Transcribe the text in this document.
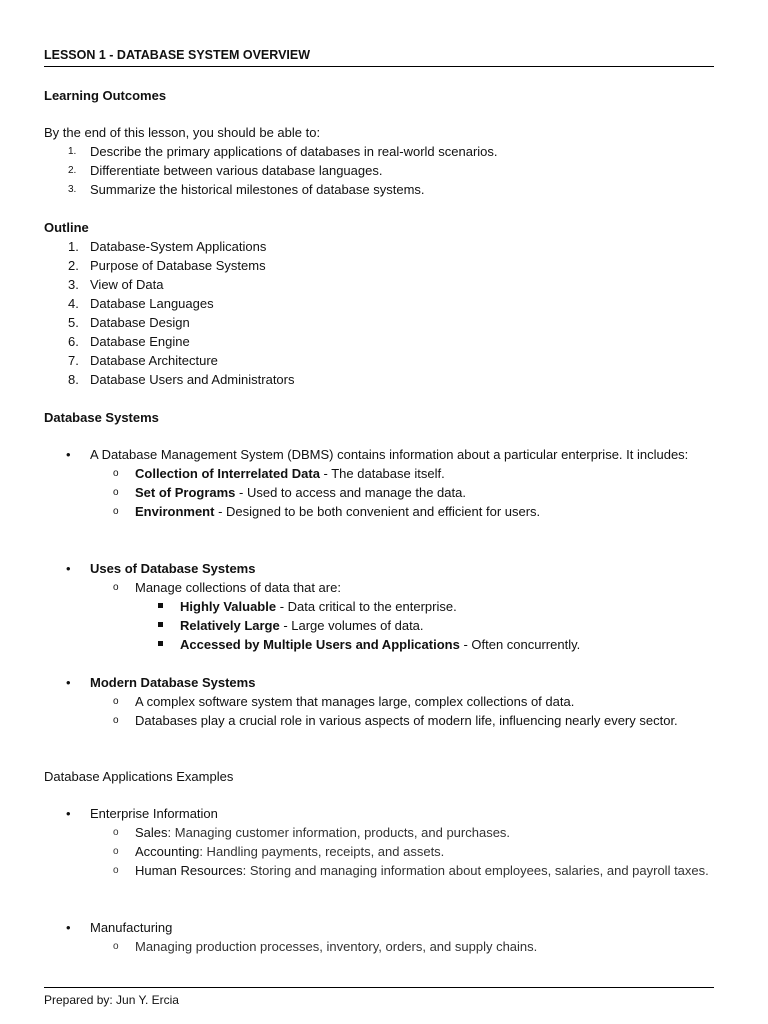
LESSON 1 - DATABASE SYSTEM OVERVIEW
Learning Outcomes
By the end of this lesson, you should be able to:
1.	Describe the primary applications of databases in real-world scenarios.
2.	Differentiate between various database languages.
3.	Summarize the historical milestones of database systems.
Outline
1. Database-System Applications
2. Purpose of Database Systems
3. View of Data
4. Database Languages
5. Database Design
6. Database Engine
7. Database Architecture
8. Database Users and Administrators
Database Systems
• A Database Management System (DBMS) contains information about a particular enterprise. It includes:
o Collection of Interrelated Data - The database itself.
o Set of Programs - Used to access and manage the data.
o Environment - Designed to be both convenient and efficient for users.
• Uses of Database Systems
o Manage collections of data that are:
Highly Valuable - Data critical to the enterprise.
Relatively Large - Large volumes of data.
Accessed by Multiple Users and Applications - Often concurrently.
• Modern Database Systems
o A complex software system that manages large, complex collections of data.
o Databases play a crucial role in various aspects of modern life, influencing nearly every sector.
Database Applications Examples
• Enterprise Information
o Sales: Managing customer information, products, and purchases.
o Accounting: Handling payments, receipts, and assets.
o Human Resources: Storing and managing information about employees, salaries, and payroll taxes.
• Manufacturing
o Managing production processes, inventory, orders, and supply chains.
Prepared by: Jun Y. Ercia
